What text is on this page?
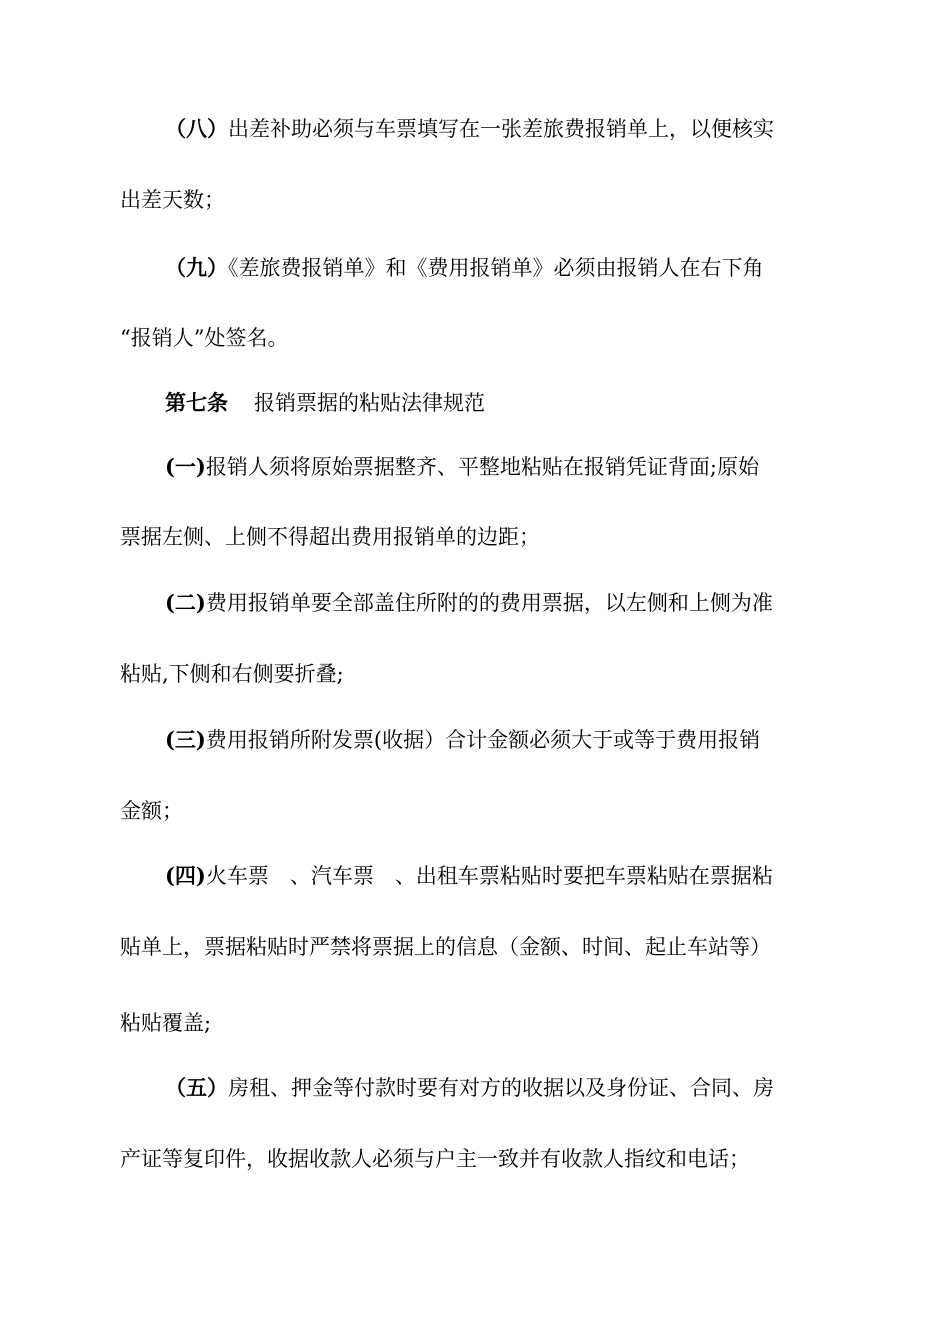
（八）出差补助必须与车票填写在一张差旅费报销单上，以便核实
出差天数；
（九）《差旅费报销单》和《费用报销单》必须由报销人在右下角
“报销人”处签名。
第七条 报销票据的粘贴法律规范
(一)报销人须将原始票据整齐、平整地粘贴在报销凭证背面;原始
票据左侧、上侧不得超出费用报销单的边距；
(二)费用报销单要全部盖住所附的的费用票据，以左侧和上侧为准
粘贴,下侧和右侧要折叠;
(三)费用报销所附发票(收据）合计金额必须大于或等于费用报销
金额；
(四)火车票　、汽车票　、出租车票粘贴时要把车票粘贴在票据粘
贴单上，票据粘贴时严禁将票据上的信息（金额、时间、起止车站等）
粘贴覆盖;
（五）房租、押金等付款时要有对方的收据以及身份证、合同、房
产证等复印件，收据收款人必须与户主一致并有收款人指纹和电话；
